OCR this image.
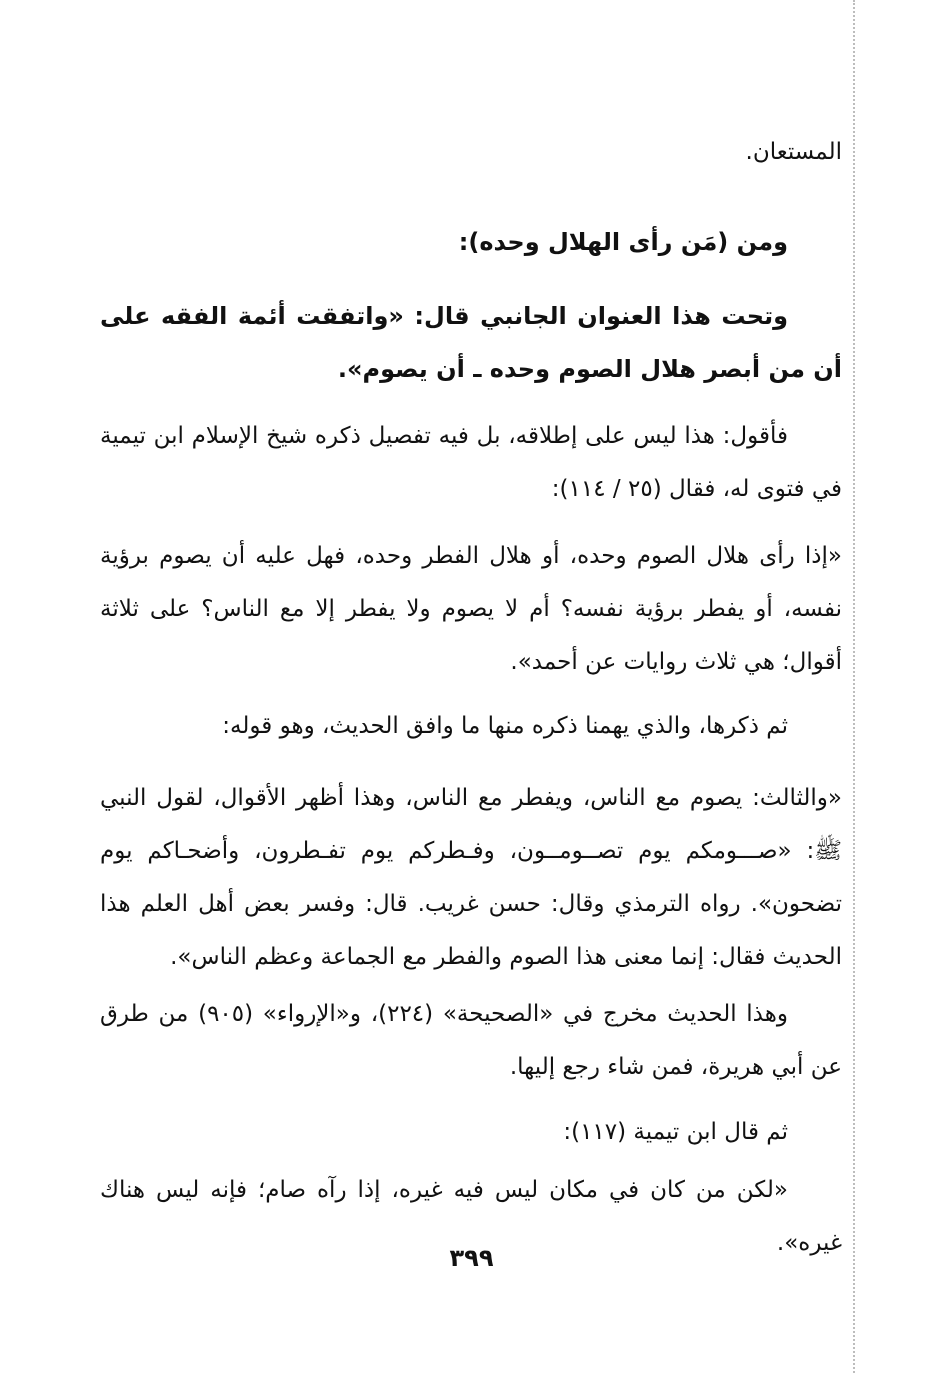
المستعان.

ومن (مَن رأى الهلال وحده):

وتحت هذا العنوان الجانبي قال: «واتفقت أئمة الفقه على أن من أبصر هلال الصوم وحده ـ أن يصوم».

فأقول: هذا ليس على إطلاقه، بل فيه تفصيل ذكره شيخ الإسلام ابن تيمية في فتوى له، فقال (٢٥ / ١١٤):

«إذا رأى هلال الصوم وحده، أو هلال الفطر وحده، فهل عليه أن يصوم برؤية نفسه، أو يفطر برؤية نفسه؟ أم لا يصوم ولا يفطر إلا مع الناس؟ على ثلاثة أقوال؛ هي ثلاث روايات عن أحمد».

ثم ذكرها، والذي يهمنا ذكره منها ما وافق الحديث، وهو قوله:

«والثالث: يصوم مع الناس، ويفطر مع الناس، وهذا أظهر الأقوال، لقول النبي ﷺ: «صـــومكم يوم تصــومــون، وفـطركم يوم تفـطرون، وأضحـاكم يوم تضحون». رواه الترمذي وقال: حسن غريب. قال: وفسر بعض أهل العلم هذا الحديث فقال: إنما معنى هذا الصوم والفطر مع الجماعة وعظم الناس».

وهذا الحديث مخرج في «الصحيحة» (٢٢٤)، و«الإرواء» (٩٠٥) من طرق عن أبي هريرة، فمن شاء رجع إليها.

ثم قال ابن تيمية (١١٧):

«لكن من كان في مكان ليس فيه غيره، إذا رآه صام؛ فإنه ليس هناك غيره».

٣٩٩
